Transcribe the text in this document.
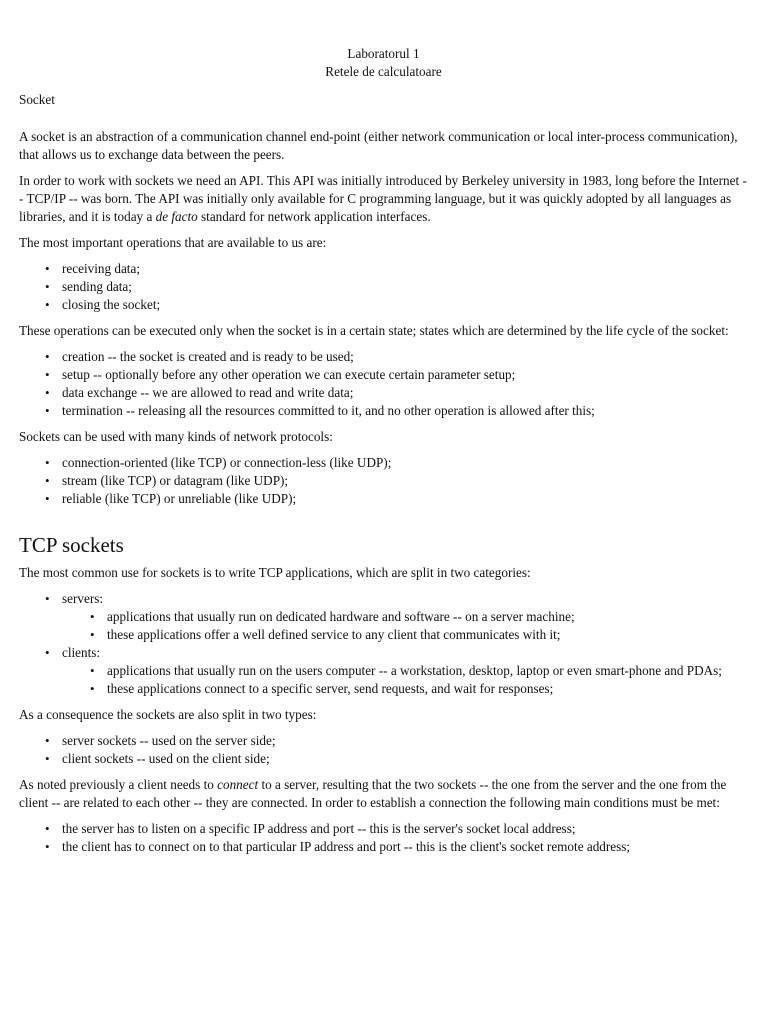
Laboratorul 1

Retele de calculatoare

Socket

A socket is an abstraction of a communication channel end-point (either network communication or local inter-process communication), that allows us to exchange data between the peers.

In order to work with sockets we need an API. This API was initially introduced by Berkeley university in 1983, long before the Internet -- TCP/IP -- was born. The API was initially only available for C programming language, but it was quickly adopted by all languages as libraries, and it is today a de facto standard for network application interfaces.

The most important operations that are available to us are:

• receiving data;
• sending data;
• closing the socket;

These operations can be executed only when the socket is in a certain state; states which are determined by the life cycle of the socket:

• creation -- the socket is created and is ready to be used;
• setup -- optionally before any other operation we can execute certain parameter setup;
• data exchange -- we are allowed to read and write data;
• termination -- releasing all the resources committed to it, and no other operation is allowed after this;

Sockets can be used with many kinds of network protocols:

• connection-oriented (like TCP) or connection-less (like UDP);
• stream (like TCP) or datagram (like UDP);
• reliable (like TCP) or unreliable (like UDP);
TCP sockets

The most common use for sockets is to write TCP applications, which are split in two categories:

• servers:
• applications that usually run on dedicated hardware and software -- on a server machine;
• these applications offer a well defined service to any client that communicates with it;
• clients:
• applications that usually run on the users computer -- a workstation, desktop, laptop or even smart-phone and PDAs;
• these applications connect to a specific server, send requests, and wait for responses;

As a consequence the sockets are also split in two types:

• server sockets -- used on the server side;
• client sockets -- used on the client side;

As noted previously a client needs to connect to a server, resulting that the two sockets -- the one from the server and the one from the client -- are related to each other -- they are connected. In order to establish a connection the following main conditions must be met:

• the server has to listen on a specific IP address and port -- this is the server's socket local address;
• the client has to connect on to that particular IP address and port -- this is the client's socket remote address;
